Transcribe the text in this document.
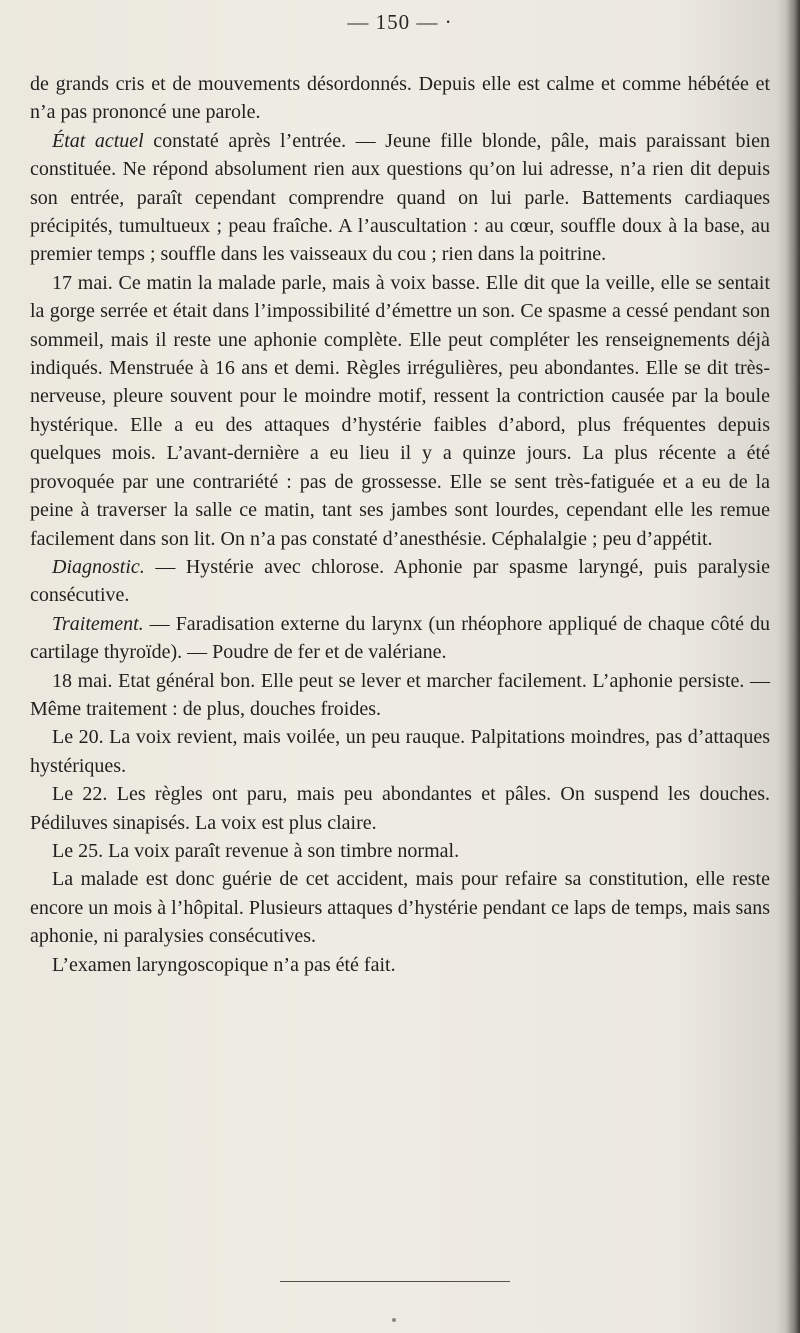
— 150 — ·

de grands cris et de mouvements désordonnés. Depuis elle est calme et comme hébétée et n’a pas prononcé une parole.

État actuel constaté après l’entrée. — Jeune fille blonde, pâle, mais paraissant bien constituée. Ne répond absolument rien aux questions qu’on lui adresse, n’a rien dit depuis son entrée, paraît cependant comprendre quand on lui parle. Battements cardiaques précipités, tumultueux ; peau fraîche. A l’auscultation : au cœur, souffle doux à la base, au premier temps ; souffle dans les vaisseaux du cou ; rien dans la poitrine.

17 mai. Ce matin la malade parle, mais à voix basse. Elle dit que la veille, elle se sentait la gorge serrée et était dans l’impossibilité d’émettre un son. Ce spasme a cessé pendant son sommeil, mais il reste une aphonie complète. Elle peut compléter les renseignements déjà indiqués. Menstruée à 16 ans et demi. Règles irrégulières, peu abondantes. Elle se dit très-nerveuse, pleure souvent pour le moindre motif, ressent la contriction causée par la boule hystérique. Elle a eu des attaques d’hystérie faibles d’abord, plus fréquentes depuis quelques mois. L’avant-dernière a eu lieu il y a quinze jours. La plus récente a été provoquée par une contrariété : pas de grossesse. Elle se sent très-fatiguée et a eu de la peine à traverser la salle ce matin, tant ses jambes sont lourdes, cependant elle les remue facilement dans son lit. On n’a pas constaté d’anesthésie. Céphalalgie ; peu d’appétit.

Diagnostic. — Hystérie avec chlorose. Aphonie par spasme laryngé, puis paralysie consécutive.

Traitement. — Faradisation externe du larynx (un rhéophore appliqué de chaque côté du cartilage thyroïde). — Poudre de fer et de valériane.

18 mai. Etat général bon. Elle peut se lever et marcher facilement. L’aphonie persiste. — Même traitement : de plus, douches froides.

Le 20. La voix revient, mais voilée, un peu rauque. Palpitations moindres, pas d’attaques hystériques.

Le 22. Les règles ont paru, mais peu abondantes et pâles. On suspend les douches. Pédiluves sinapisés. La voix est plus claire.

Le 25. La voix paraît revenue à son timbre normal.

La malade est donc guérie de cet accident, mais pour refaire sa constitution, elle reste encore un mois à l’hôpital. Plusieurs attaques d’hystérie pendant ce laps de temps, mais sans aphonie, ni paralysies consécutives.

L’examen laryngoscopique n’a pas été fait.
